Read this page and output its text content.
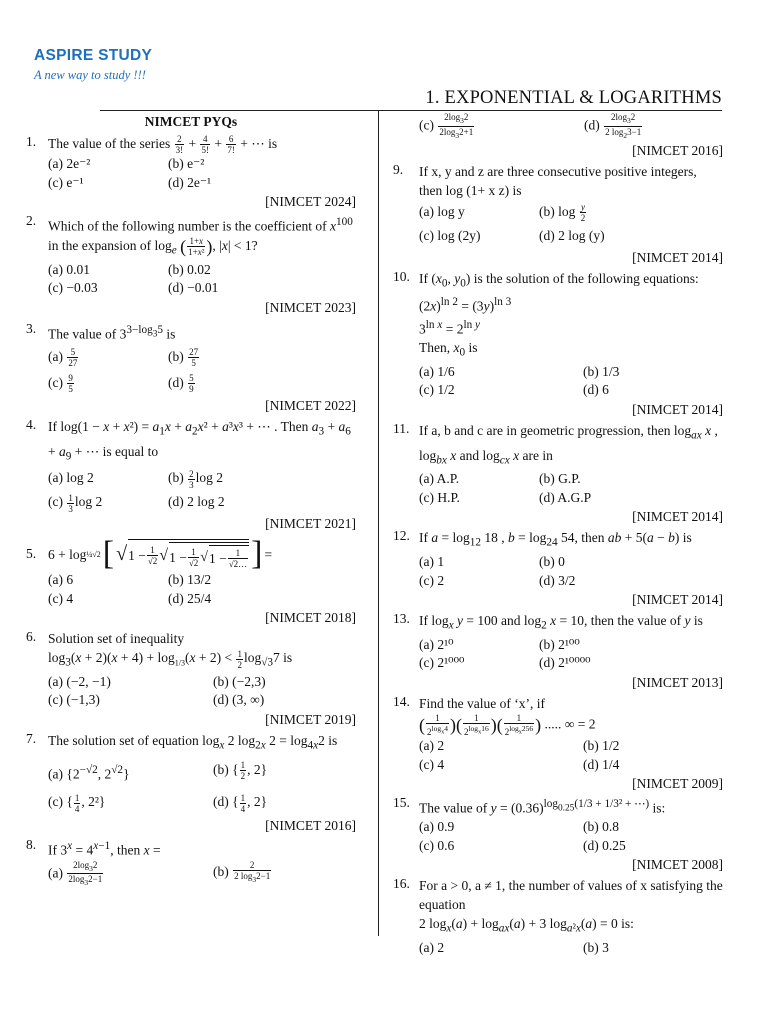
ASPIRE STUDY
A new way to study !!!
1. EXPONENTIAL & LOGARITHMS
NIMCET PYQs
1. The value of the series $\frac{2}{3!} + \frac{4}{5!} + \frac{6}{7!}$ + ⋯ is
(a) 2e⁻²	(b) e⁻²
(c) e⁻¹	(d) 2e⁻¹
[NIMCET 2024]
2. Which of the following number is the coefficient of $x^{100}$ in the expansion of $\log_e$ ( $\frac{1+x}{\text{1+x²}}$ ), |x| < 1?
(a) 0.01	(b) 0.02
(c) −0.03	(d) −0.01
[NIMCET 2023]
3. The value of $3^{3-log_35}$ is
$(a) \frac{5}{27}$	$(b) \frac{27}{5}$
$(c) \frac{9}{5}$	$(d) \frac{5}{9}$
[NIMCET 2022]
4. If $\log(1 - x + x^2) = a_1x + a_2x^2 + a^3x^3$ + ⋯ . Then $a_3 + a_6 + a_9$ + ⋯ is equal to
(a) log 2	$(b) \frac{2}{3}$ log 2
$(c) \frac{1}{3}$ log 2	(d) 2 log 2
[NIMCET 2021]
5. 6 + log ¼√2 [ √ $1 - \frac{1}{√2}$ √ $1 - \frac{1}{√2}$ √ $1 - \frac{1}{√2\dots}$ ] =
(a) 6	(b) 13/2
(c) 4	(d) 25/4
[NIMCET 2018]
6. Solution set of inequality
$\log_3(x + 2)(x + 4) + \log_{1/3}(x + 2) < \frac{1}{2} \log_{√3}7$ is
(a) (−2, −1)	(b) (−2,3)
(c) (−1,3)	(d) (3, ∞)
[NIMCET 2019]
7. The solution set of equation $\log_x 2$ $\log_{2x} 2 = \log_{4x}2$ is
(a) {$2^{-√2}$, $2^{√2}$}	(b) { $\frac{1}{2}$ , 2}
(c) { $\frac{1}{4}$ , 2²}	(d) { $\frac{1}{4}$ , 2}
[NIMCET 2016]
8. If $3^x = 4^{x-1}$, then x =
$(a) \frac{2\log_32}{2\log_32-1}$	$(b) \frac{2}{2 \log_32-1}$
$(c) \frac{2\log_32}{2\log_32+1}$	$(d) \frac{2\log_32}{2 \log_23-1}$
[NIMCET 2016]
9.	If x, y and z are three consecutive positive integers, then log (1+ x z) is
(a) log y	(b) $\log \frac{y}{2}$
(c) log (2y)	(d) 2 log (y)
[NIMCET 2014]
10. If ($x_0$, $y_0$) is the solution of the following equations:
$(2x)^{ln 2} = (3y)^{ln 3}$
$3^{ln x} = 2^{ln y}$
Then, $x_0$ is
(a) 1/6	(b) 1/3
(c) 1/2	(d) 6
[NIMCET 2014]
11. If a, b and c are in geometric progression, then $\log_{ax} x$ , $\log_{bx} x$ and $\log_{cx} x$ are in
(a) A.P.	(b) G.P.
(c) H.P.	(d) A.G.P
[NIMCET 2014]
12. If $a = \log_{12} 18$ , $b = \log_{24} 54$, then ab + 5(a − b) is
(a) 1	(b) 0
(c) 2	(d) 3/2
[NIMCET 2014]
13. If $\log_x y = 100$ and $\log_2 x = 10$, then the value of y is
(a) 2¹⁰	(b) 2¹⁰⁰
(c) 2¹⁰⁰⁰	(d) 2¹⁰⁰⁰⁰
[NIMCET 2013]
14. Find the value of ‘x’, if
( $\frac{1}{2^{log_x4}}$ )( $\frac{1}{2^{log_x16}}$ )( $\frac{1}{2^{log_x256}}$ ) ..... ∞ = 2
(a) 2	(b) 1/2
(c) 4	(d) 1/4
[NIMCET 2009]
15. The value of $y = (0.36)^{log_{0.25}(1/3 + 1/3^2 + \cdots)}$ is:
(a) 0.9	(b) 0.8
(c) 0.6	(d) 0.25
[NIMCET 2008]
16. For a > 0, a ≠ 1, the number of values of x satisfying the equation
2 $\log_x(a) + \log_{ax}(a) + 3$ $\log_{a^2x}(a) = 0$ is:
(a) 2	(b) 3
